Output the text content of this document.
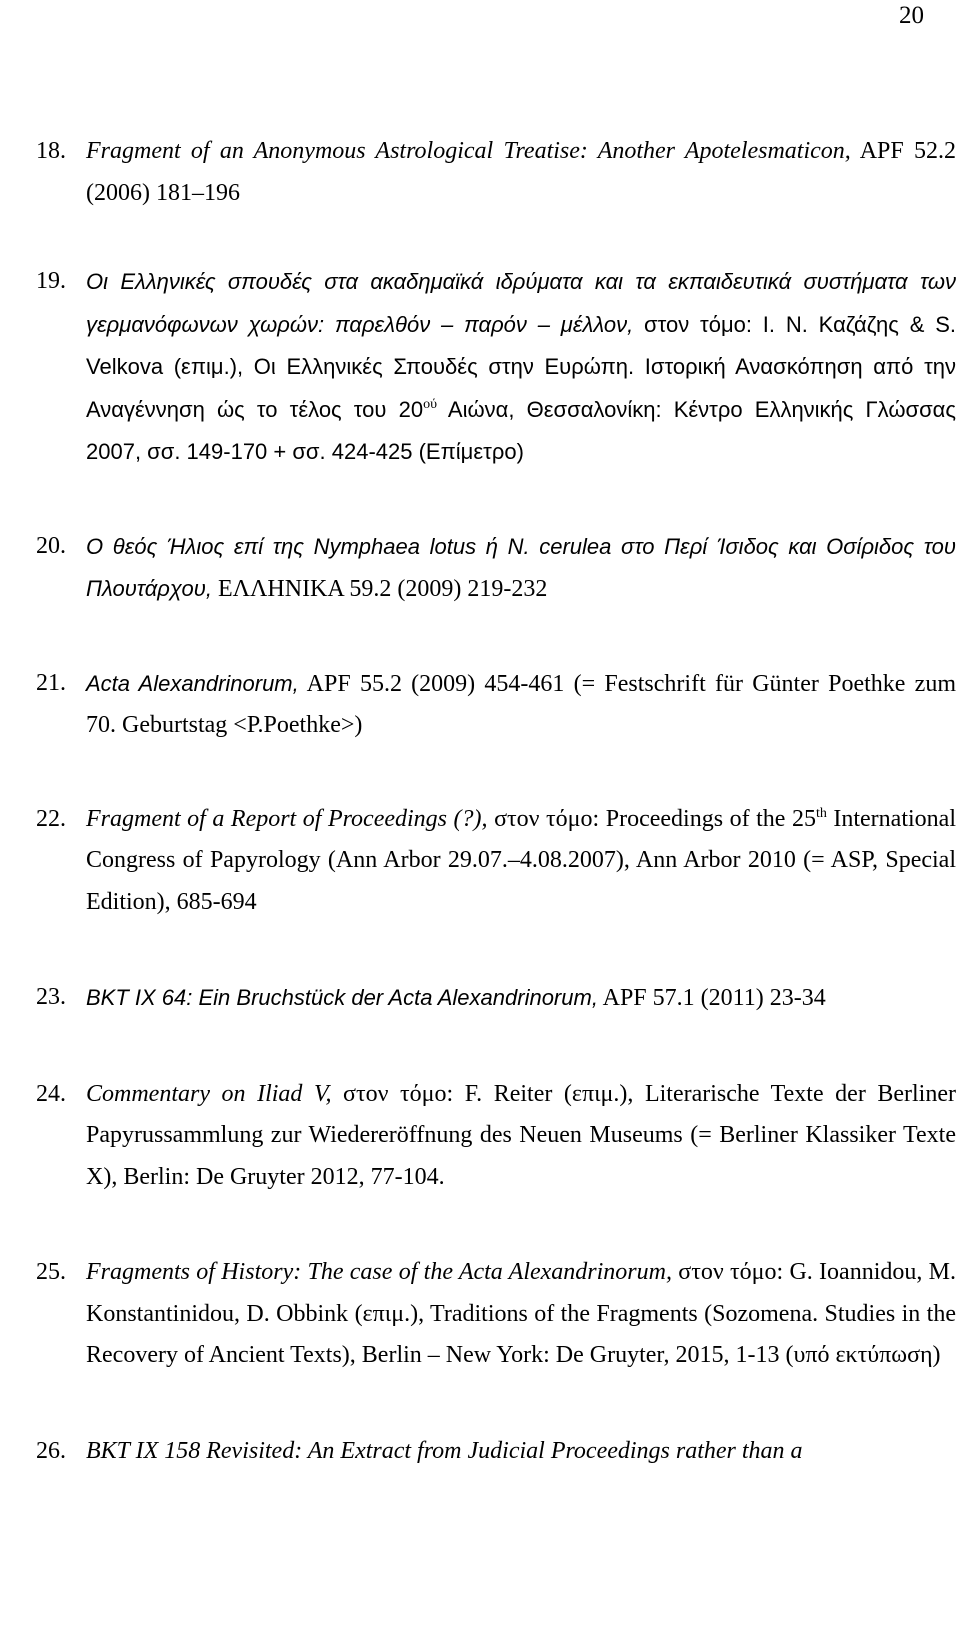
20
18. Fragment of an Anonymous Astrological Treatise: Another Apotelesmaticon, APF 52.2 (2006) 181–196
19. Οι Ελληνικές σπουδές στα ακαδημαϊκά ιδρύματα και τα εκπαιδευτικά συστήματα των γερμανόφωνων χωρών: παρελθόν – παρόν – μέλλον, στον τόμο: I. N. Καζάζης & S. Velkova (επιμ.), Οι Ελληνικές Σπουδές στην Ευρώπη. Ιστορική Ανασκόπηση από την Αναγέννηση ώς το τέλος του $20^{oύ}$ Αιώνα, Θεσσαλονίκη: Κέντρο Ελληνικής Γλώσσας 2007, σσ. 149-170 + σσ. 424-425 (Επίμετρο)
20. Ο θεός Ήλιος επί της Nymphaea lotus ή N. cerulea στο Περί Ίσιδος και Οσίριδος του Πλουτάρχου, ΕΛΛΗΝΙΚΑ 59.2 (2009) 219-232
21. Acta Alexandrinorum, APF 55.2 (2009) 454-461 (= Festschrift für Günter Poethke zum 70. Geburtstag <P.Poethke>)
22. Fragment of a Report of Proceedings (?), στον τόμο: Proceedings of the 25th International Congress of Papyrology (Ann Arbor 29.07.–4.08.2007), Ann Arbor 2010 (= ASP, Special Edition), 685-694
23. BKT IX 64: Ein Bruchstück der Acta Alexandrinorum, APF 57.1 (2011) 23-34
24. Commentary on Iliad V, στον τόμο: F. Reiter (επιμ.), Literarische Texte der Berliner Papyrussammlung zur Wiedereröffnung des Neuen Museums (= Berliner Klassiker Texte X), Berlin: De Gruyter 2012, 77-104.
25. Fragments of History: The case of the Acta Alexandrinorum, στον τόμο: G. Ioannidou, M. Konstantinidou, D. Obbink (επιμ.), Traditions of the Fragments (Sozomena. Studies in the Recovery of Ancient Texts), Berlin – New York: De Gruyter, 2015, 1-13 (υπό εκτύπωση)
26. BKT IX 158 Revisited: An Extract from Judicial Proceedings rather than a
